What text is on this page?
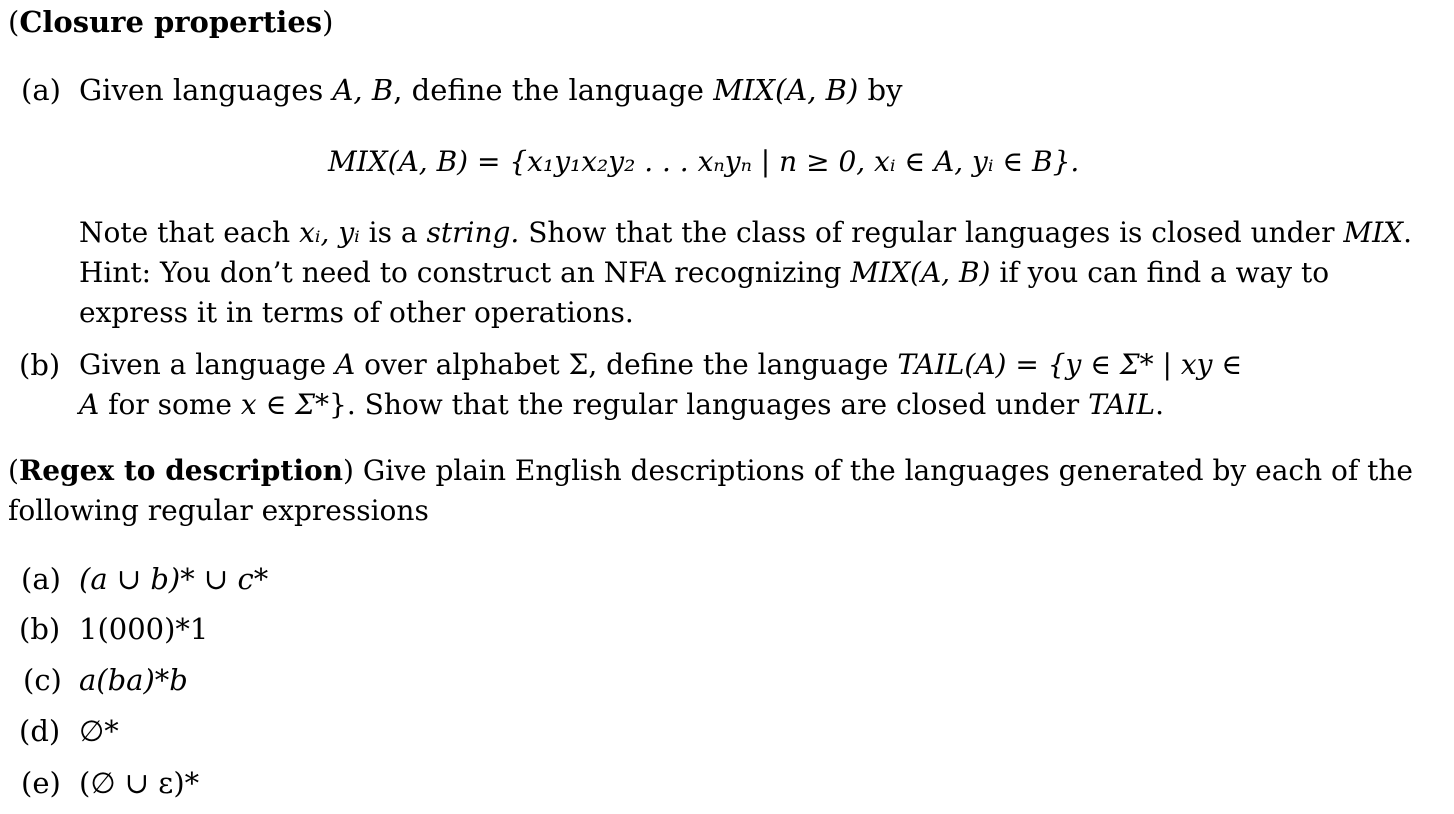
(Closure properties)
(a) Given languages A, B, define the language MIX(A, B) by
MIX(A, B) = {x₁y₁x₂y₂ . . . xₙyₙ | n ≥ 0, xᵢ ∈ A, yᵢ ∈ B}.
Note that each xᵢ, yᵢ is a string. Show that the class of regular languages is closed under MIX.
Hint: You don’t need to construct an NFA recognizing MIX(A, B) if you can find a way to
express it in terms of other operations.
(b) Given a language A over alphabet Σ, define the language TAIL(A) = {y ∈ Σ* | xy ∈
A for some x ∈ Σ*}. Show that the regular languages are closed under TAIL.
(Regex to description) Give plain English descriptions of the languages generated by each of the
following regular expressions
(a) (a ∪ b)* ∪ c*
(b) 1(000)*1
(c) a(ba)*b
(d) ∅*
(e) (∅ ∪ ε)*
